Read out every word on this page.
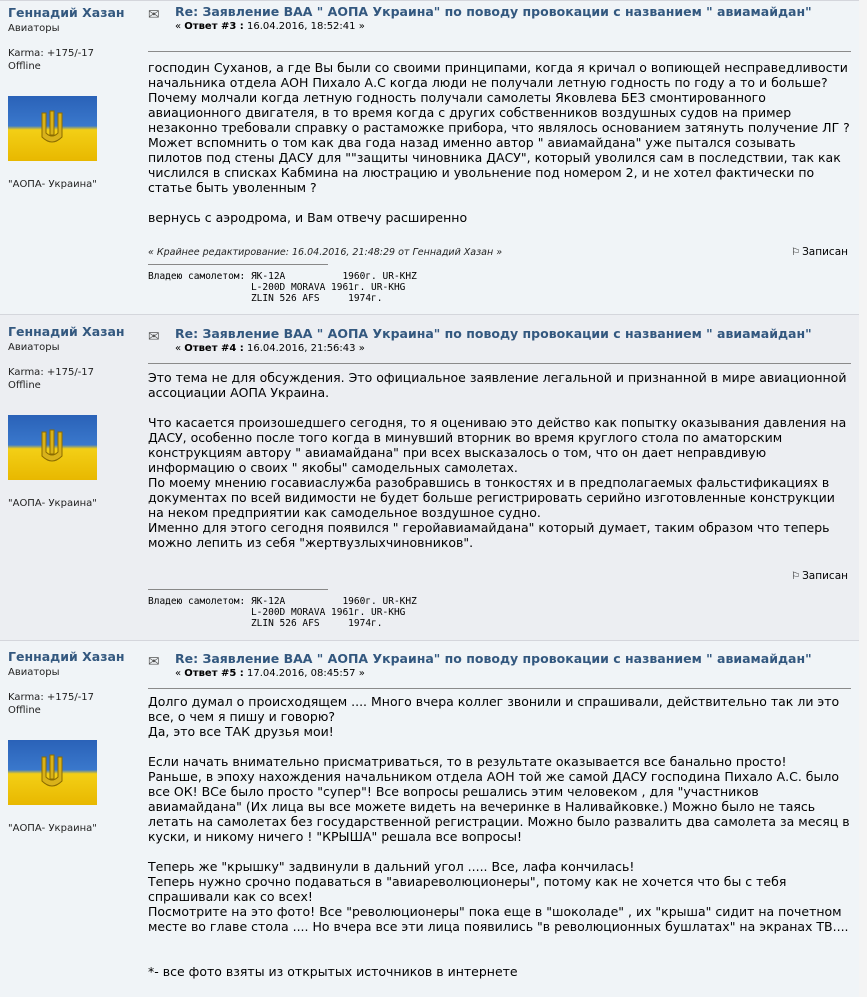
Геннадий Хазан
Авиаторы
Karma: +175/-17
Offline
"АОПА- Украина"
✉ Re: Заявление ВАА " АОПА Украина" по поводу провокации с названием " авиамайдан"
« Ответ #3 : 16.04.2016, 18:52:41 »
господин Суханов, а где Вы были со своими принципами, когда я кричал о вопиющей несправедливости начальника отдела АОН Пихало А.С когда люди не получали летную годность по году а то и больше?
Почему молчали когда летную годность получали самолеты Яковлева БЕЗ смонтированного авиационного двигателя, в то время когда с других собственников воздушных судов на пример незаконно требовали справку о растаможке прибора, что являлось основанием затянуть получение ЛГ ?
Может вспомнить о том как два года назад именно автор " авиамайдана" уже пытался созывать пилотов под стены ДАСУ для ""защиты чиновника ДАСУ", который уволился сам в последствии, так как числился в списках Кабмина на люстрацию и увольнение под номером 2, и не хотел фактически по статье быть уволенным ?

вернусь с аэродрома, и Вам отвечу расширенно
« Крайнее редактирование: 16.04.2016, 21:48:29 от Геннадий Хазан »	⚐ Записан
Владею самолетом: ЯК-12А          1960г. UR-KHZ
L-200D MORAVA 1961г. UR-KHG
ZLIN 526 AFS     1974г.
Геннадий Хазан
Авиаторы
Karma: +175/-17
Offline
"АОПА- Украина"
✉ Re: Заявление ВАА " АОПА Украина" по поводу провокации с названием " авиамайдан"
« Ответ #4 : 16.04.2016, 21:56:43 »
Это тема не для обсуждения. Это официальное заявление легальной и признанной в мире авиационной ассоциации АОПА Украина.

Что касается произошедшего сегодня, то я оцениваю это действо как попытку оказывания давления на ДАСУ, особенно после того когда в минувший вторник во время круглого стола по аматорским конструкциям автору " авиамайдана" при всех высказалось о том, что он дает неправдивую информацию о своих " якобы" самодельных самолетах.
По моему мнению госавиаслужба разобравшись в тонкостях и в предполагаемых фальстификациях в документах по всей видимости не будет больше регистрировать серийно изготовленные конструкции на неком предприятии как самодельное воздушное судно.
Именно для этого сегодня появился " геройавиамайдана" который думает, таким образом что теперь можно лепить из себя "жертвузлыхчиновников".
⚐ Записан
Владею самолетом: ЯК-12А          1960г. UR-KHZ
L-200D MORAVA 1961г. UR-KHG
ZLIN 526 AFS     1974г.
Геннадий Хазан
Авиаторы
Karma: +175/-17
Offline
"АОПА- Украина"
✉ Re: Заявление ВАА " АОПА Украина" по поводу провокации с названием " авиамайдан"
« Ответ #5 : 17.04.2016, 08:45:57 »
Долго думал о происходящем .... Много вчера коллег звонили и спрашивали, действительно так ли это все, о чем я пишу и говорю?
Да, это все ТАК друзья мои!

Если начать внимательно присматриваться, то в результате оказывается все банально просто!
Раньше, в эпоху нахождения начальником отдела АОН той же самой ДАСУ господина Пихало А.С. было все ОК! ВСе было просто "супер"! Все вопросы решались этим человеком , для "участников авиамайдана" (Их лица вы все можете видеть на вечеринке в Наливайковке.) Можно было не таясь летать на самолетах без государственной регистрации. Можно было развалить два самолета за месяц в куски, и никому ничего ! "КРЫША" решала все вопросы!

Теперь же "крышку" задвинули в дальний угол ..... Все, лафа кончилась!
Теперь нужно срочно подаваться в "авиареволюционеры", потому как не хочется что бы с тебя спрашивали как со всех!
Посмотрите на это фото! Все "революционеры" пока еще в "шоколаде" , их "крыша" сидит на почетном месте во главе стола .... Но вчера все эти лица появились "в революционных бушлатах" на экранах ТВ....

*- все фото взяты из открытых источников в интернете
